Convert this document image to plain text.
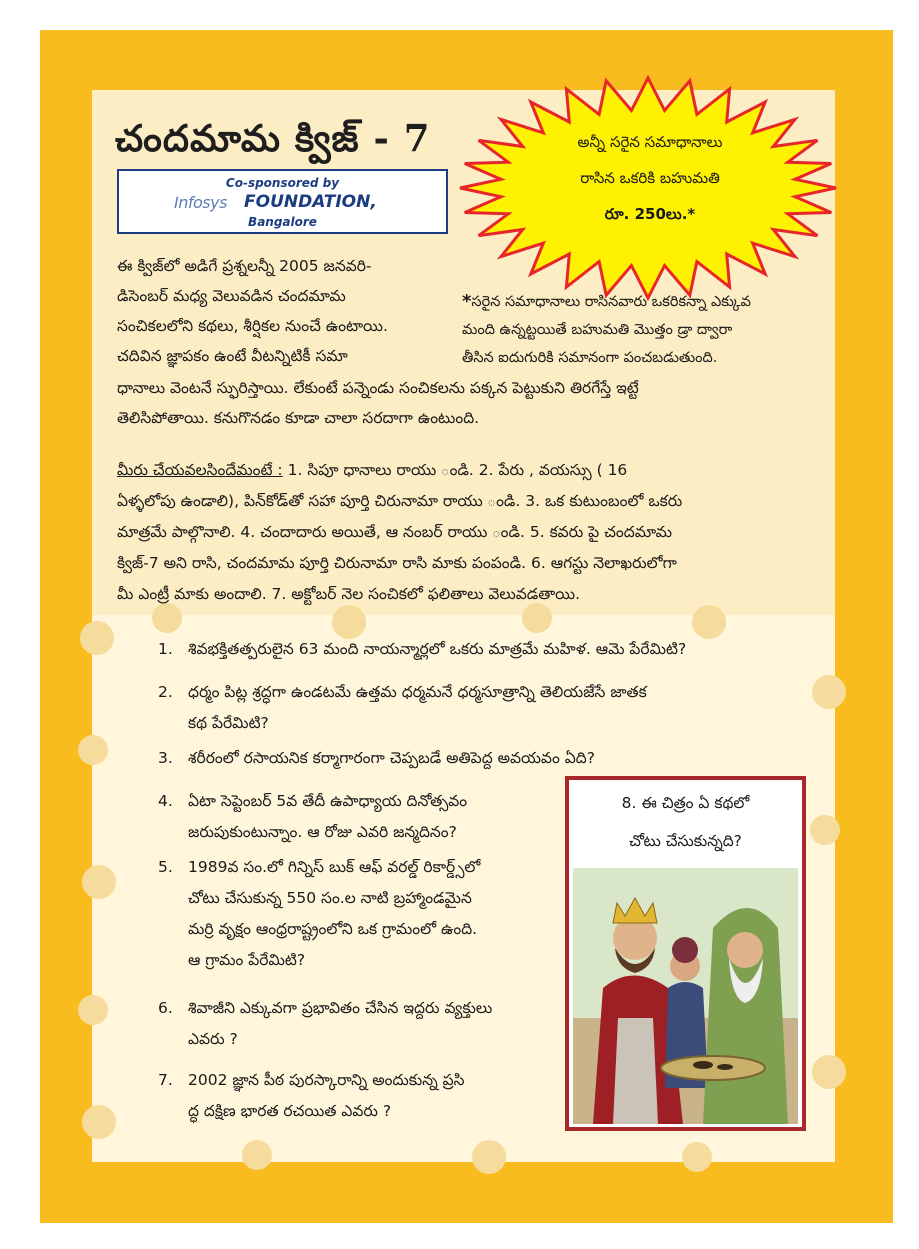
చందమామ క్విజ్ - 7
Co-sponsored by
Infosys FOUNDATION,
Bangalore
అన్నీ సరైన సమాధానాలు
రాసిన ఒకరికి బహుమతి
రూ. 250లు.*
ఈ క్విజ్‌లో అడిగే ప్రశ్నలన్నీ 2005 జనవరి-
డిసెంబర్ మధ్య వెలువడిన చందమామ
సంచికలలోని కథలు, శీర్షికల నుంచే ఉంటాయి.
చదివిన జ్ఞాపకం ఉంటే వీటన్నిటికీ సమా
*సరైన సమాధానాలు రాసినవారు ఒకరికన్నా ఎక్కువ
మంది ఉన్నట్టయితే బహుమతి మొత్తం డ్రా ద్వారా
తీసిన ఐదుగురికి సమానంగా పంచబడుతుంది.
ధానాలు వెంటనే స్ఫురిస్తాయి. లేకుంటే పన్నెండు సంచికలను పక్కన పెట్టుకుని తిరగేస్తే ఇట్టే
తెలిసిపోతాయి. కనుగొనడం కూడా చాలా సరదాగా ఉంటుంది.
మీరు చేయవలసిందేమంటే : 1. సిపూ ధానాలు రాయు ండి. 2. పేరు , వయస్సు ( 16
ఏళ్ళలోపు ఉండాలి), పిన్‌కోడ్‌తో సహా పూర్తి చిరునామా రాయు ండి. 3. ఒక కుటుంబంలో ఒకరు
మాత్రమే పాల్గొనాలి. 4. చందాదారు అయితే, ఆ నంబర్ రాయు ండి. 5. కవరు పై చందమామ
క్విజ్-7 అని రాసి, చందమామ పూర్తి చిరునామా రాసి మాకు పంపండి. 6. ఆగస్టు నెలాఖరులోగా
మీ ఎంట్రీ మాకు అందాలి. 7. అక్టోబర్ నెల సంచికలో ఫలితాలు వెలువడతాయి.
1. శివభక్తితత్పరులైన 63 మంది నాయన్మార్లలో ఒకరు మాత్రమే మహిళ. ఆమె పేరేమిటి?
2. ధర్మం పిట్ల శ్రద్ధగా ఉండటమే ఉత్తమ ధర్మమనే ధర్మసూత్రాన్ని తెలియజేసే జాతక
కథ పేరేమిటి?
3. శరీరంలో రసాయనిక కర్మాగారంగా చెప్పబడే అతిపెద్ద అవయవం ఏది?
4. ఏటా సెప్టెంబర్ 5వ తేదీ ఉపాధ్యాయ దినోత్సవం
జరుపుకుంటున్నాం. ఆ రోజు ఎవరి జన్మదినం?
5. 1989వ సం.లో గిన్నిస్ బుక్ ఆఫ్ వరల్డ్ రికార్డ్స్‌లో
చోటు చేసుకున్న 550 సం.ల నాటి బ్రహ్మాండమైన
మర్రి వృక్షం ఆంధ్రరాష్ట్రంలోని ఒక గ్రామంలో ఉంది.
ఆ గ్రామం పేరేమిటి?
6. శివాజీని ఎక్కువగా ప్రభావితం చేసిన ఇద్దరు వ్యక్తులు
ఎవరు ?
7. 2002 జ్ఞాన పీఠ పురస్కారాన్ని అందుకున్న ప్రసి
ద్ధ దక్షిణ భారత రచయిత ఎవరు ?
8. ఈ చిత్రం ఏ కథలో
చోటు చేసుకున్నది?
